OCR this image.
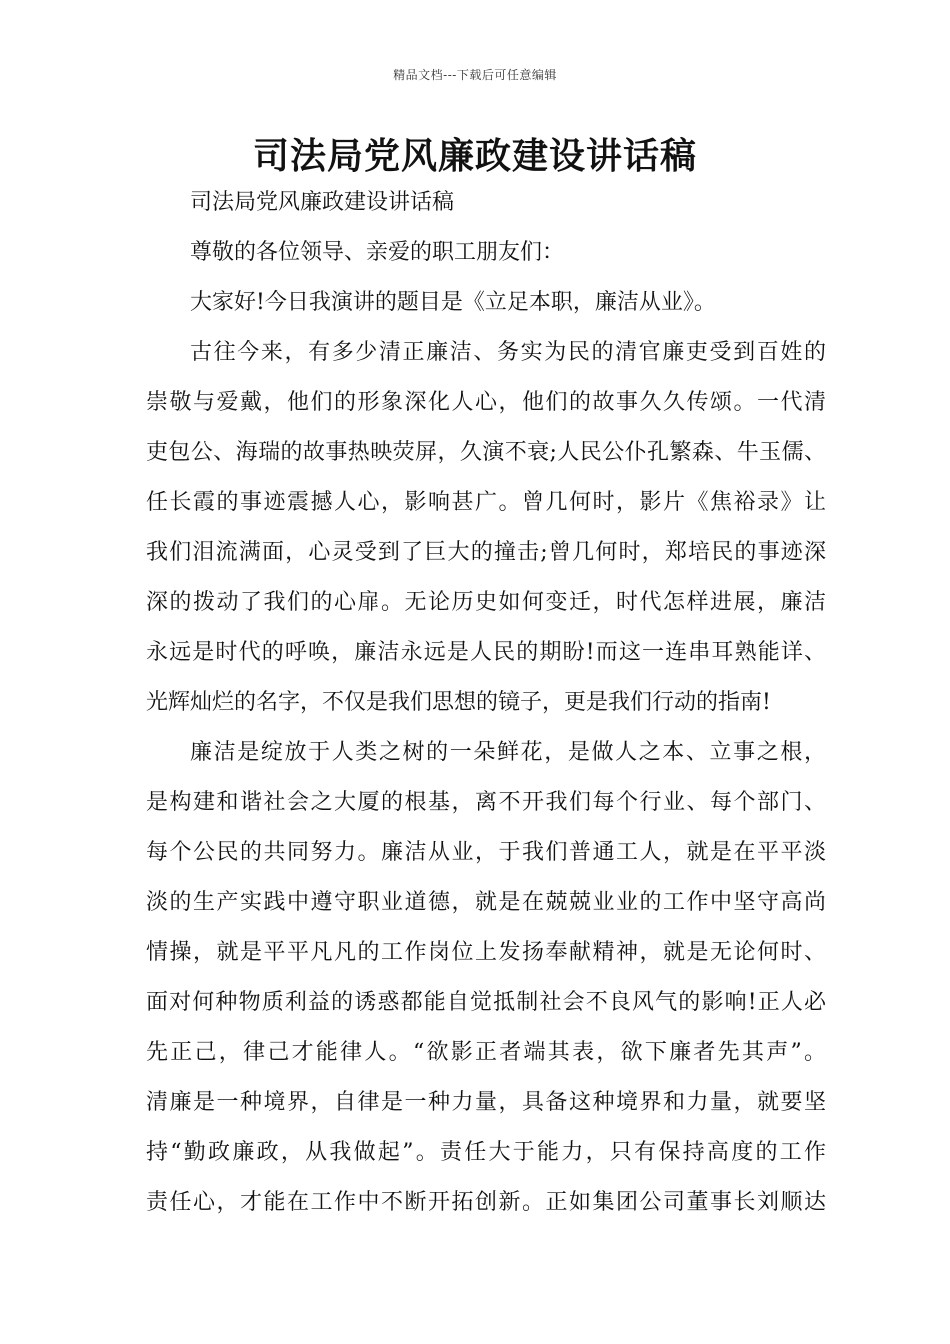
精品文档---下载后可任意编辑
司法局党风廉政建设讲话稿
司法局党风廉政建设讲话稿
尊敬的各位领导、亲爱的职工朋友们：
大家好!今日我演讲的题目是《立足本职，廉洁从业》。
古往今来，有多少清正廉洁、务实为民的清官廉吏受到百姓的
崇敬与爱戴，他们的形象深化人心，他们的故事久久传颂。一代清
吏包公、海瑞的故事热映荧屏，久演不衰;人民公仆孔繁森、牛玉儒、
任长霞的事迹震撼人心，影响甚广。曾几何时，影片《焦裕录》让
我们泪流满面，心灵受到了巨大的撞击;曾几何时，郑培民的事迹深
深的拨动了我们的心扉。无论历史如何变迁，时代怎样进展，廉洁
永远是时代的呼唤，廉洁永远是人民的期盼!而这一连串耳熟能详、
光辉灿烂的名字，不仅是我们思想的镜子，更是我们行动的指南!
廉洁是绽放于人类之树的一朵鲜花，是做人之本、立事之根，
是构建和谐社会之大厦的根基，离不开我们每个行业、每个部门、
每个公民的共同努力。廉洁从业，于我们普通工人，就是在平平淡
淡的生产实践中遵守职业道德，就是在兢兢业业的工作中坚守高尚
情操，就是平平凡凡的工作岗位上发扬奉献精神，就是无论何时、
面对何种物质利益的诱惑都能自觉抵制社会不良风气的影响!正人必
先正己，律己才能律人。“欲影正者端其表，欲下廉者先其声”。
清廉是一种境界，自律是一种力量，具备这种境界和力量，就要坚
持“勤政廉政，从我做起”。责任大于能力，只有保持高度的工作
责任心，才能在工作中不断开拓创新。正如集团公司董事长刘顺达
